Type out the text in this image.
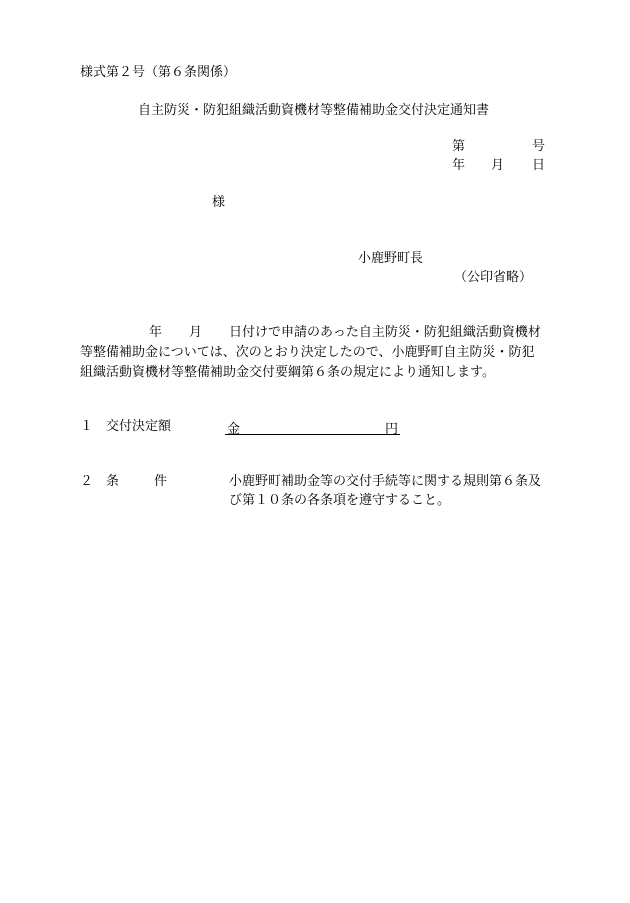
様式第２号（第６条関係）
自主防災・防犯組織活動資機材等整備補助金交付決定通知書
第	号
年 月 日
様
小鹿野町長
（公印省略）
年 月 日付けで申請のあった自主防災・防犯組織活動資機材
等整備補助金については、次のとおり決定したので、小鹿野町自主防災・防犯
組織活動資機材等整備補助金交付要綱第６条の規定により通知します。
１ 交付決定額	金	円
２ 条	件	小鹿野町補助金等の交付手続等に関する規則第６条及
び第１０条の各条項を遵守すること。
